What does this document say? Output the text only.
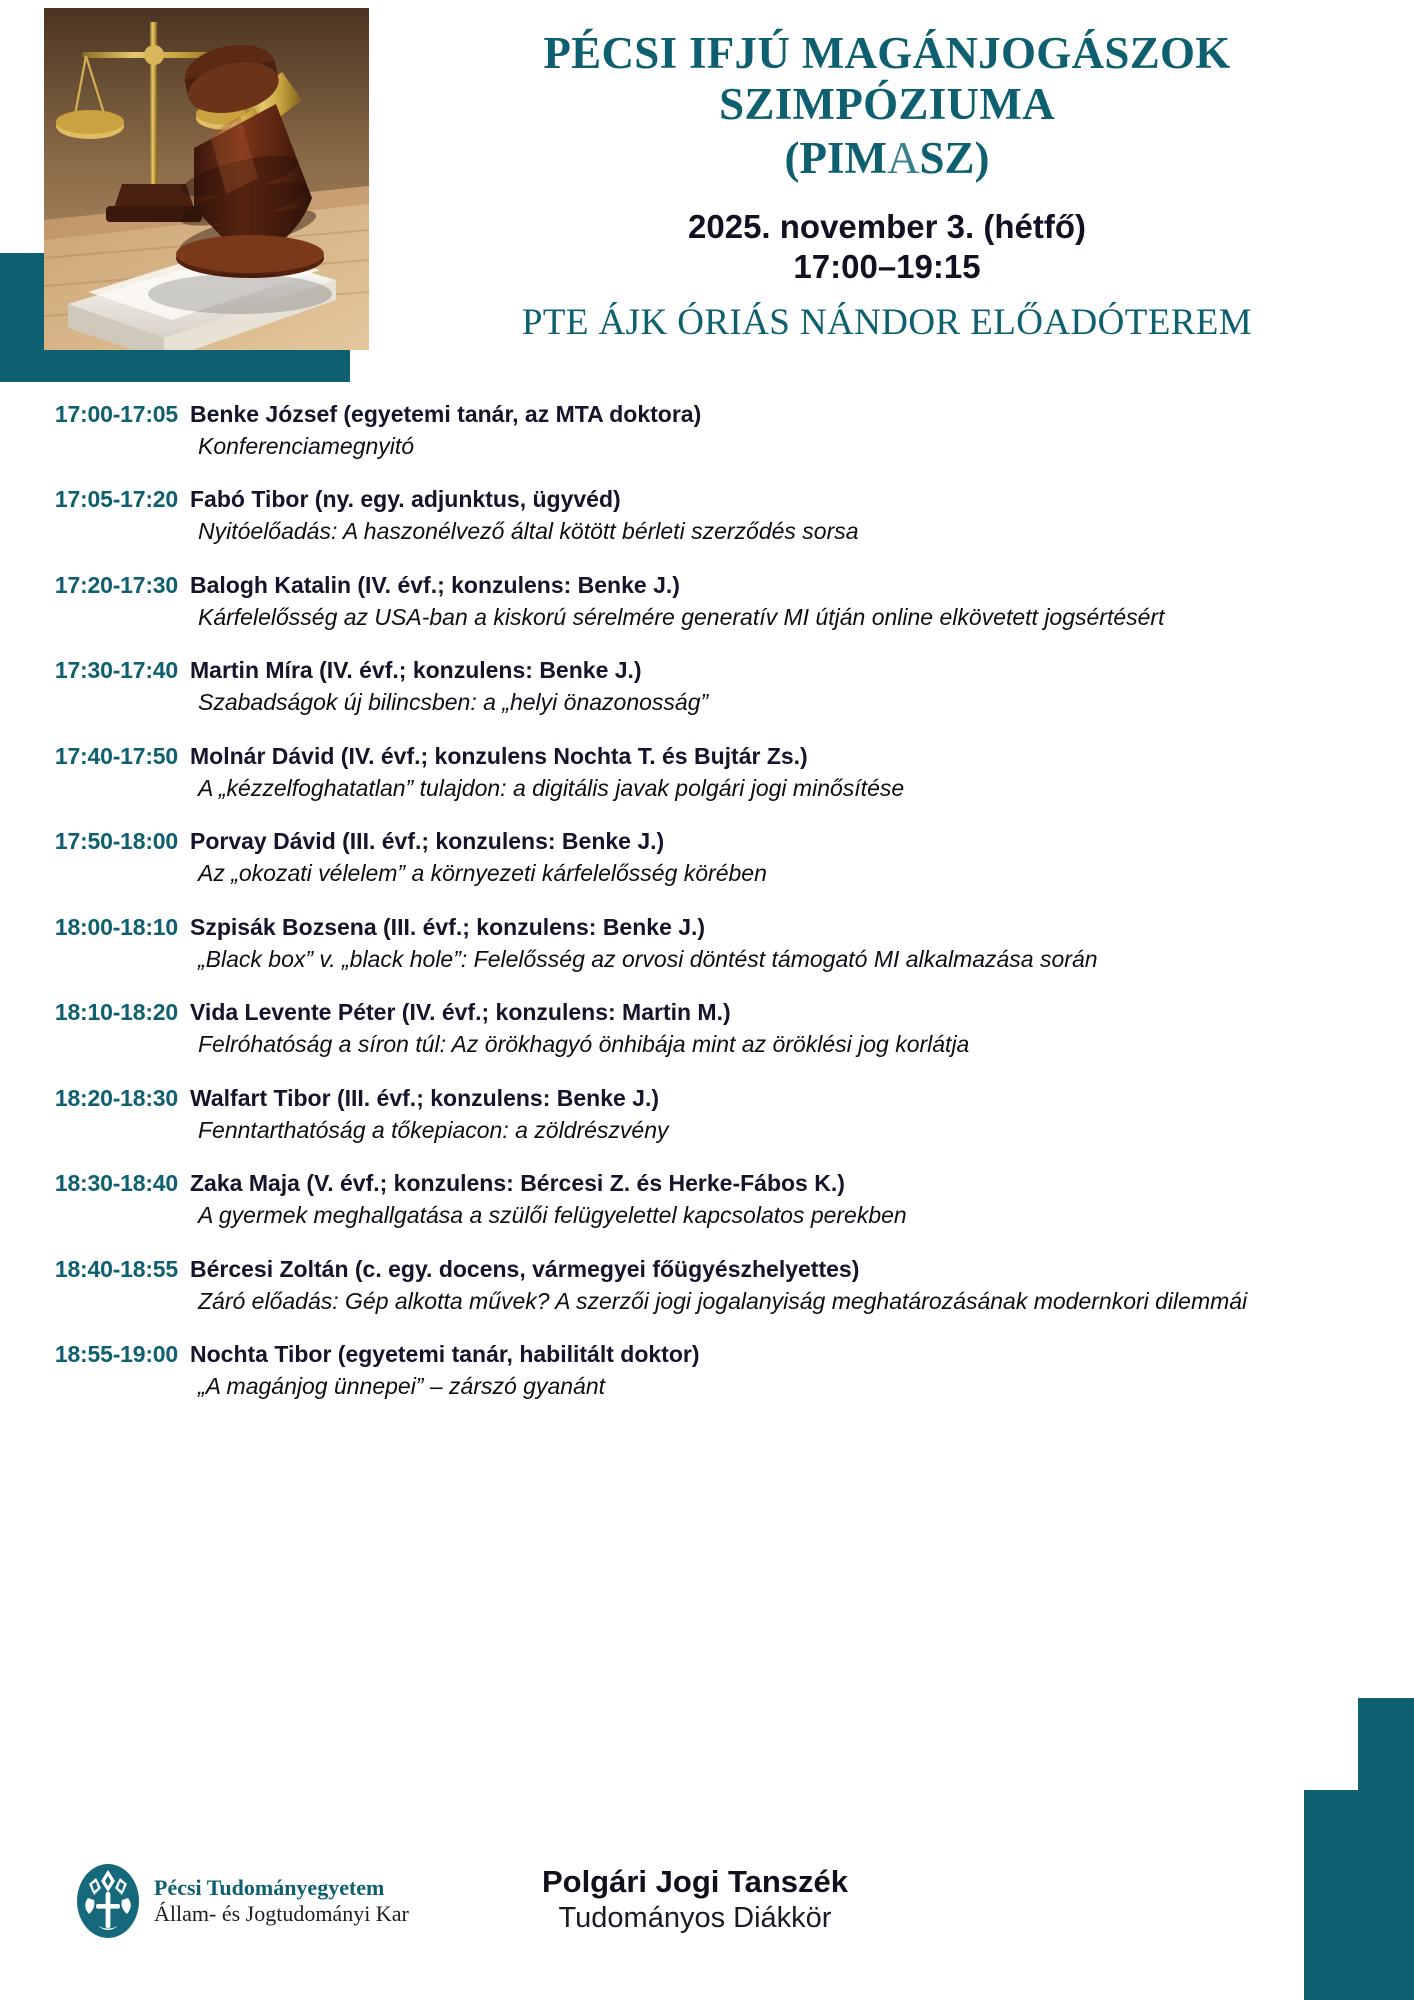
PÉCSI IFJÚ MAGÁNJOGÁSZOK
SZIMPÓZIUMA
(PIMASZ)
2025. november 3. (hétfő)
17:00–19:15
PTE ÁJK ÓRIÁS NÁNDOR ELŐADÓTEREM
17:00-17:05 Benke József (egyetemi tanár, az MTA doktora)
Konferenciamegnyitó
17:05-17:20 Fabó Tibor (ny. egy. adjunktus, ügyvéd)
Nyitóelőadás: A haszonélvező által kötött bérleti szerződés sorsa
17:20-17:30 Balogh Katalin (IV. évf.; konzulens: Benke J.)
Kárfelelősség az USA-ban a kiskorú sérelmére generatív MI útján online elkövetett jogsértésért
17:30-17:40 Martin Míra (IV. évf.; konzulens: Benke J.)
Szabadságok új bilincsben: a „helyi önazonosság”
17:40-17:50 Molnár Dávid (IV. évf.; konzulens Nochta T. és Bujtár Zs.)
A „kézzelfoghatatlan” tulajdon: a digitális javak polgári jogi minősítése
17:50-18:00 Porvay Dávid (III. évf.; konzulens: Benke J.)
Az „okozati vélelem” a környezeti kárfelelősség körében
18:00-18:10 Szpisák Bozsena (III. évf.; konzulens: Benke J.)
„Black box” v. „black hole”: Felelősség az orvosi döntést támogató MI alkalmazása során
18:10-18:20 Vida Levente Péter (IV. évf.; konzulens: Martin M.)
Felróhatóság a síron túl: Az örökhagyó önhibája mint az öröklési jog korlátja
18:20-18:30 Walfart Tibor (III. évf.; konzulens: Benke J.)
Fenntarthatóság a tőkepiacon: a zöldrészvény
18:30-18:40 Zaka Maja (V. évf.; konzulens: Bércesi Z. és Herke-Fábos K.)
A gyermek meghallgatása a szülői felügyelettel kapcsolatos perekben
18:40-18:55 Bércesi Zoltán (c. egy. docens, vármegyei főügyészhelyettes)
Záró előadás: Gép alkotta művek? A szerzői jogi jogalanyiság meghatározásának modernkori dilemmái
18:55-19:00 Nochta Tibor (egyetemi tanár, habilitált doktor)
„A magánjog ünnepei” – zárszó gyanánt
Pécsi Tudományegyetem
Állam- és Jogtudományi Kar
Polgári Jogi Tanszék
Tudományos Diákkör
